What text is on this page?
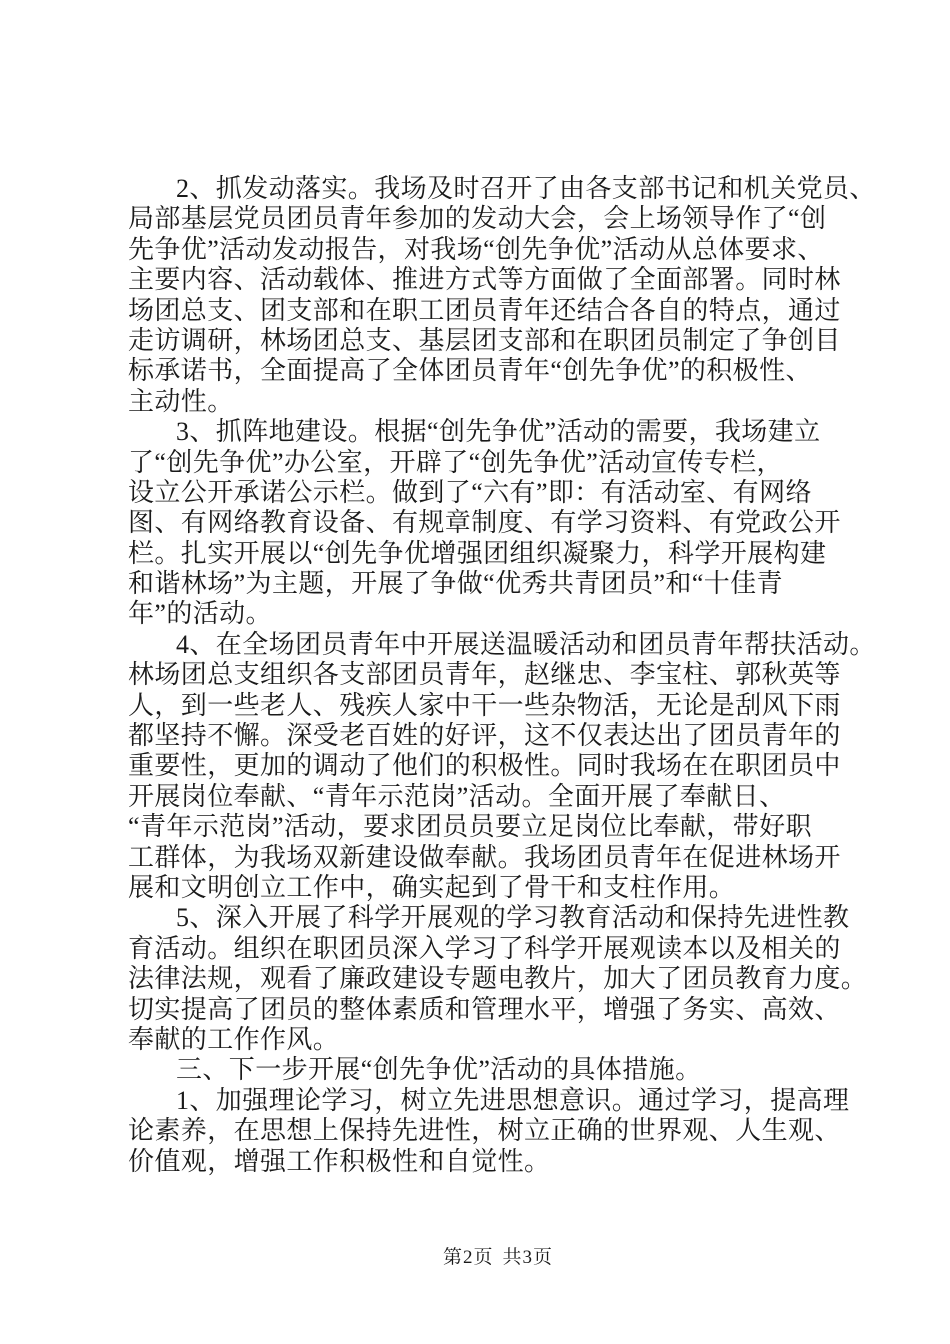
2、抓发动落实。我场及时召开了由各支部书记和机关党员、
局部基层党员团员青年参加的发动大会，会上场领导作了“创
先争优”活动发动报告，对我场“创先争优”活动从总体要求、
主要内容、活动载体、推进方式等方面做了全面部署。同时林
场团总支、团支部和在职工团员青年还结合各自的特点，通过
走访调研，林场团总支、基层团支部和在职团员制定了争创目
标承诺书，全面提高了全体团员青年“创先争优”的积极性、
主动性。
3、抓阵地建设。根据“创先争优”活动的需要，我场建立
了“创先争优”办公室，开辟了“创先争优”活动宣传专栏，
设立公开承诺公示栏。做到了“六有”即：有活动室、有网络
图、有网络教育设备、有规章制度、有学习资料、有党政公开
栏。扎实开展以“创先争优增强团组织凝聚力，科学开展构建
和谐林场”为主题，开展了争做“优秀共青团员”和“十佳青
年”的活动。
4、在全场团员青年中开展送温暖活动和团员青年帮扶活动。
林场团总支组织各支部团员青年，赵继忠、李宝柱、郭秋英等
人，到一些老人、残疾人家中干一些杂物活，无论是刮风下雨
都坚持不懈。深受老百姓的好评，这不仅表达出了团员青年的
重要性，更加的调动了他们的积极性。同时我场在在职团员中
开展岗位奉献、“青年示范岗”活动。全面开展了奉献日、
“青年示范岗”活动，要求团员员要立足岗位比奉献，带好职
工群体，为我场双新建设做奉献。我场团员青年在促进林场开
展和文明创立工作中，确实起到了骨干和支柱作用。
5、深入开展了科学开展观的学习教育活动和保持先进性教
育活动。组织在职团员深入学习了科学开展观读本以及相关的
法律法规，观看了廉政建设专题电教片，加大了团员教育力度。
切实提高了团员的整体素质和管理水平，增强了务实、高效、
奉献的工作作风。
三、下一步开展“创先争优”活动的具体措施。
1、加强理论学习，树立先进思想意识。通过学习，提高理
论素养，在思想上保持先进性，树立正确的世界观、人生观、
价值观，增强工作积极性和自觉性。
第2页 共3页
